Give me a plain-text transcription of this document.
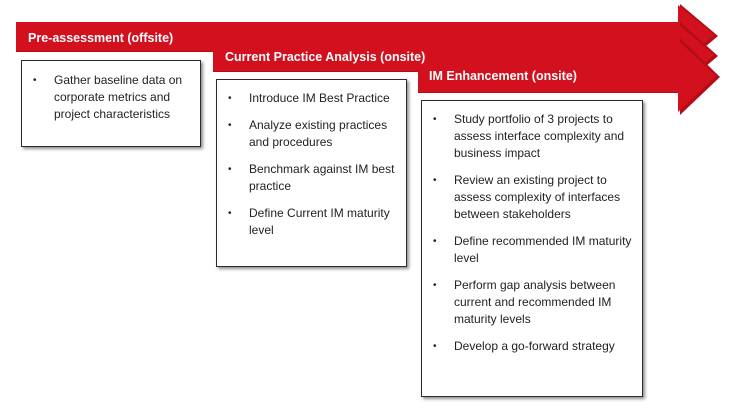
Pre-assessment (offsite)
Current Practice Analysis (onsite)
IM Enhancement (onsite)
• Gather baseline data on corporate metrics and project characteristics
• Introduce IM Best Practice
• Analyze existing practices and procedures
• Benchmark against IM best practice
• Define Current IM maturity level
• Study portfolio of 3 projects to assess interface complexity and business impact
• Review an existing project to assess complexity of interfaces between stakeholders
• Define recommended IM maturity level
• Perform gap analysis between current and recommended IM maturity levels
• Develop a go-forward strategy
